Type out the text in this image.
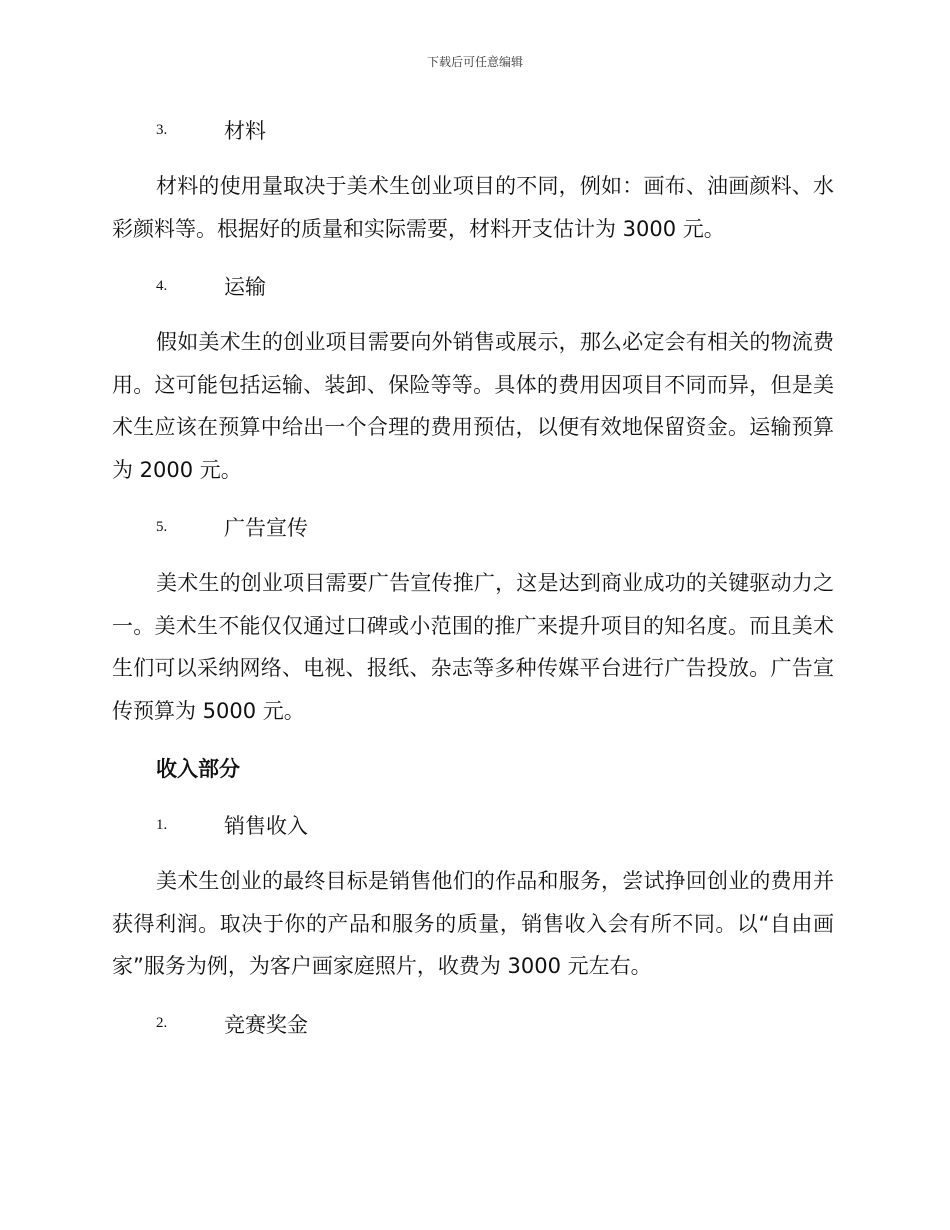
下载后可任意编辑
3.	材料

材料的使用量取决于美术生创业项目的不同，例如：画布、油画颜料、水彩颜料等。根据好的质量和实际需要，材料开支估计为 3000 元。

4.	运输

假如美术生的创业项目需要向外销售或展示，那么必定会有相关的物流费用。这可能包括运输、装卸、保险等等。具体的费用因项目不同而异，但是美术生应该在预算中给出一个合理的费用预估，以便有效地保留资金。运输预算为 2000 元。

5.	广告宣传

美术生的创业项目需要广告宣传推广，这是达到商业成功的关键驱动力之一。美术生不能仅仅通过口碑或小范围的推广来提升项目的知名度。而且美术生们可以采纳网络、电视、报纸、杂志等多种传媒平台进行广告投放。广告宣传预算为 5000 元。

收入部分
1.	销售收入

美术生创业的最终目标是销售他们的作品和服务，尝试挣回创业的费用并获得利润。取决于你的产品和服务的质量，销售收入会有所不同。以“自由画家”服务为例，为客户画家庭照片，收费为 3000 元左右。

2.	竞赛奖金
